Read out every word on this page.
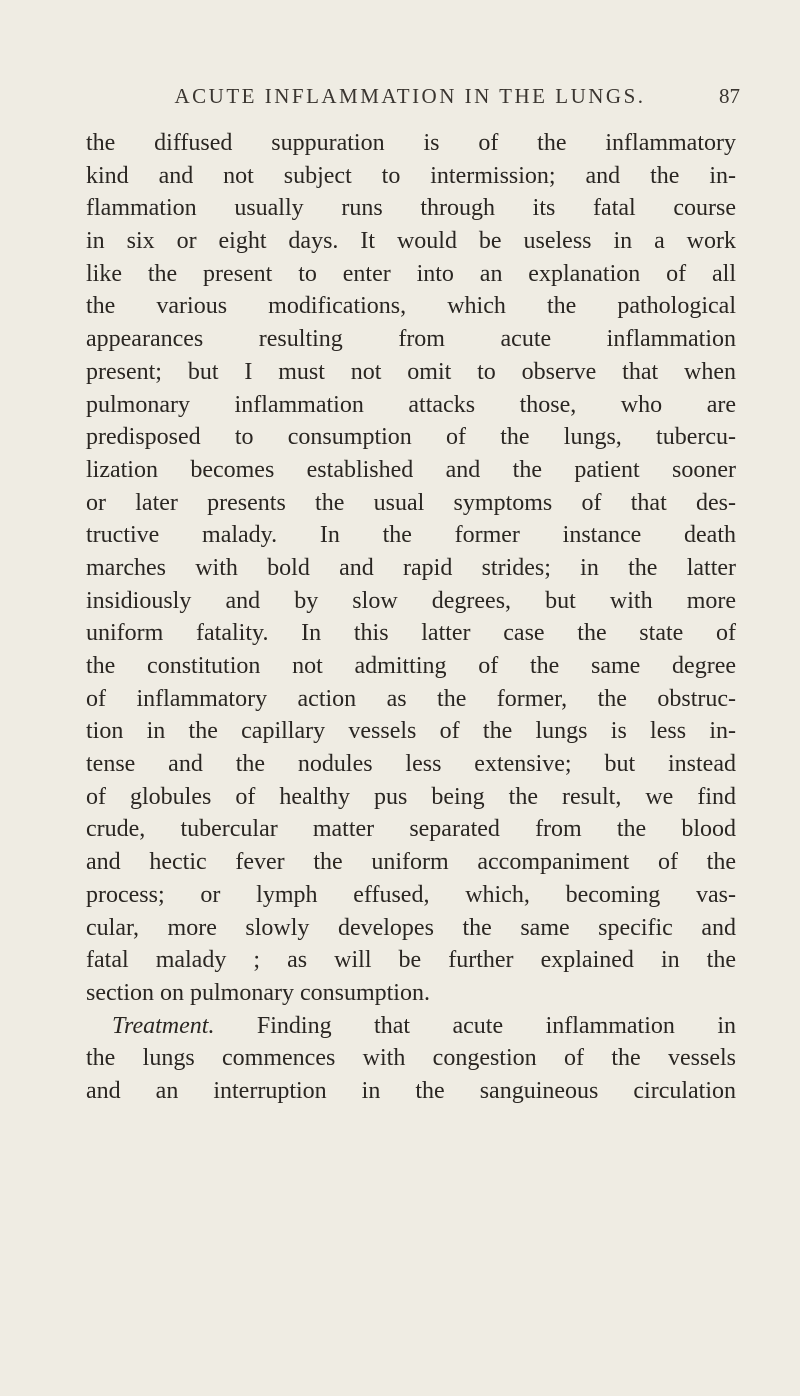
ACUTE INFLAMMATION IN THE LUNGS.	87
the diffused suppuration is of the inflammatory
kind and not subject to intermission; and the in-
flammation usually runs through its fatal course
in six or eight days. It would be useless in a work
like the present to enter into an explanation of all
the various modifications, which the pathological
appearances resulting from acute inflammation
present; but I must not omit to observe that when
pulmonary inflammation attacks those, who are
predisposed to consumption of the lungs, tubercu-
lization becomes established and the patient sooner
or later presents the usual symptoms of that des-
tructive malady. In the former instance death
marches with bold and rapid strides; in the latter
insidiously and by slow degrees, but with more
uniform fatality. In this latter case the state of
the constitution not admitting of the same degree
of inflammatory action as the former, the obstruc-
tion in the capillary vessels of the lungs is less in-
tense and the nodules less extensive; but instead
of globules of healthy pus being the result, we find
crude, tubercular matter separated from the blood
and hectic fever the uniform accompaniment of the
process; or lymph effused, which, becoming vas-
cular, more slowly developes the same specific and
fatal malady ; as will be further explained in the
section on pulmonary consumption.
Treatment. Finding that acute inflammation in
the lungs commences with congestion of the vessels
and an interruption in the sanguineous circulation
